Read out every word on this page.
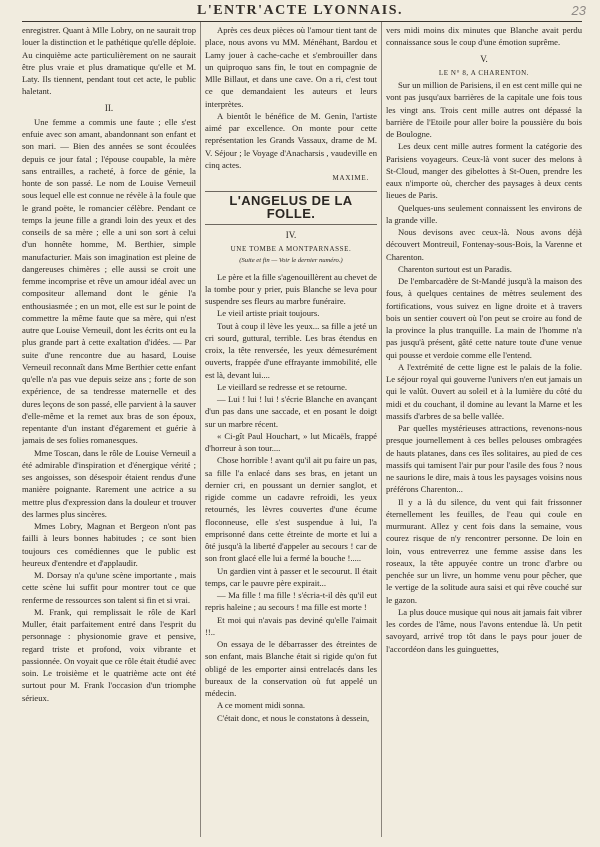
L'ENTR'ACTE LYONNAIS.	23

enregistrer. Quant à Mlle Lobry, on ne saurait trop louer la distinction et le pathétique qu'elle déploie. Au cinquième acte particulièrement on ne saurait être plus vraie et plus dramatique qu'elle et M. Laty. Ils tiennent, pendant tout cet acte, le public haletant.

II.

Une femme a commis une faute ; elle s'est enfuie avec son amant, abandonnant son enfant et son mari. — Bien des années se sont écoulées depuis ce jour fatal ; l'épouse coupable, la mère sans entrailles, a racheté, à force de génie, la honte de son passé. Le nom de Louise Verneuil sous lequel elle est connue ne révèle à la foule que le grand poëte, le romancier célèbre. Pendant ce temps la jeune fille a grandi loin des yeux et des conseils de sa mère ; elle a uni son sort à celui d'un honnête homme, M. Berthier, simple manufacturier. Mais son imagination est pleine de dangereuses chimères ; elle aussi se croit une femme incomprise et rêve un amour idéal avec un compositeur allemand dont le génie l'a enthousiasmée ; en un mot, elle est sur le point de commettre la même faute que sa mère, qui n'est autre que Louise Verneuil, dont les écrits ont eu la plus grande part à cette exaltation d'idées. — Par suite d'une rencontre due au hasard, Louise Verneuil reconnaît dans Mme Berthier cette enfant qu'elle n'a pas vue depuis seize ans ; forte de son expérience, de sa tendresse maternelle et des dures leçons de son passé, elle parvient à la sauver d'elle-même et la remet aux bras de son époux, repentante d'un instant d'égarement et guérie à jamais de ses folies romanesques.

Mme Toscan, dans le rôle de Louise Verneuil a été admirable d'inspiration et d'énergique vérité ; ses angoisses, son désespoir étaient rendus d'une manière poignante. Rarement une actrice a su mettre plus d'expression dans la douleur et trouver des larmes plus sincères.

Mmes Lobry, Magnan et Bergeon n'ont pas failli à leurs bonnes habitudes ; ce sont bien toujours ces comédiennes que le public est heureux d'entendre et d'applaudir.

M. Dorsay n'a qu'une scène importante , mais cette scène lui suffit pour montrer tout ce que renferme de ressources son talent si fin et si vrai.

M. Frank, qui remplissait le rôle de Karl Muller, était parfaitement entré dans l'esprit du personnage : physionomie grave et pensive, regard triste et profond, voix vibrante et passionnée. On voyait que ce rôle était étudié avec soin. Le troisième et le quatrième acte ont été surtout pour M. Frank l'occasion d'un triomphe sérieux.

Après ces deux pièces où l'amour tient tant de place, nous avons vu MM. Ménéhant, Bardou et Lamy jouer à cache-cache et s'embrouiller dans un quiproquo sans fin, le tout en compagnie de Mlle Billaut, et dans une cave. On a ri, c'est tout ce que demandaient les auteurs et leurs interprètes.

A bientôt le bénéfice de M. Genin, l'artiste aimé par excellence. On monte pour cette représentation les Grands Vassaux, drame de M. V. Séjour ; le Voyage d'Anacharsis , vaudeville en cinq actes.

MAXIME.

L'ANGELUS DE LA FOLLE.

IV.

UNE TOMBE A MONTPARNASSE.

(Suite et fin — Voir le dernier numéro.)

Le père et la fille s'agenouillèrent au chevet de la tombe pour y prier, puis Blanche se leva pour suspendre ses fleurs au marbre funéraire.

Le vieil artiste priait toujours.

Tout à coup il lève les yeux... sa fille a jeté un cri sourd, guttural, terrible. Les bras étendus en croix, la tête renversée, les yeux démesurément ouverts, frappée d'une effrayante immobilité, elle est là, devant lui....

Le vieillard se redresse et se retourne.

— Lui ! lui ! lui ! s'écrie Blanche en avançant d'un pas dans une saccade, et en posant le doigt sur un marbre récent.

« Ci-gît Paul Houchart, » lut Micaëls, frappé d'horreur à son tour....

Chose horrible ! avant qu'il ait pu faire un pas, sa fille l'a enlacé dans ses bras, en jetant un dernier cri, en poussant un dernier sanglot, et rigide comme un cadavre refroidi, les yeux retournés, les lèvres couvertes d'une écume floconneuse, elle s'est suspendue à lui, l'a emprisonné dans cette étreinte de morte et lui a ôté jusqu'à la liberté d'appeler au secours ! car de son front glacé elle lui a fermé la bouche !.....

Un gardien vint à passer et le secourut. Il était temps, car le pauvre père expirait...

— Ma fille ! ma fille ! s'écria-t-il dès qu'il eut repris haleine ; au secours ! ma fille est morte !

Et moi qui n'avais pas deviné qu'elle l'aimait !!..

On essaya de le débarrasser des étreintes de son enfant, mais Blanche était si rigide qu'on fut obligé de les emporter ainsi entrelacés dans les bureaux de la conservation où fut appelé un médecin.

A ce moment midi sonna.

C'était donc, et nous le constatons à dessein,

vers midi moins dix minutes que Blanche avait perdu connaissance sous le coup d'une émotion suprême.

V.

LE N° 8, A CHARENTON.

Sur un million de Parisiens, il en est cent mille qui ne vont pas jusqu'aux barrières de la capitale une fois tous les vingt ans. Trois cent mille autres ont dépassé la barrière de l'Etoile pour aller boire la poussière du bois de Boulogne.

Les deux cent mille autres forment la catégorie des Parisiens voyageurs. Ceux-là vont sucer des melons à St-Cloud, manger des gibelottes à St-Ouen, prendre les eaux n'importe où, chercher des paysages à deux cents lieues de Paris.

Quelques-uns seulement connaissent les environs de la grande ville.

Nous devisons avec ceux-là. Nous avons déjà découvert Montreuil, Fontenay-sous-Bois, la Varenne et Charenton.

Charenton surtout est un Paradis.

De l'embarcadère de St-Mandé jusqu'à la maison des fous, à quelques centaines de mètres seulement des fortifications, vous suivez en ligne droite et à travers bois un sentier couvert où l'on peut se croire au fond de la province la plus tranquille. La main de l'homme n'a pas jusqu'à présent, gâté cette nature toute d'une venue qui pousse et verdoie comme elle l'entend.

A l'extrémité de cette ligne est le palais de la folie. Le séjour royal qui gouverne l'univers n'en eut jamais un qui le valût. Ouvert au soleil et à la lumière du côté du midi et du couchant, il domine au levant la Marne et les massifs d'arbres de sa belle vallée.

Par quelles mystérieuses attractions, revenons-nous presque journellement à ces belles pelouses ombragées de hauts platanes, dans ces îles solitaires, au pied de ces massifs qui tamisent l'air pur pour l'asile des fous ? nous ne saurions le dire, mais à tous les paysages voisins nous préférons Charenton...

Il y a là du silence, du vent qui fait frissonner éternellement les feuilles, de l'eau qui coule en murmurant. Allez y cent fois dans la semaine, vous courez risque de n'y rencontrer personne. De loin en loin, vous entreverrez une femme assise dans les roseaux, la tête appuyée contre un tronc d'arbre ou penchée sur un livre, un homme venu pour pêcher, que le vertige de la solitude aura saisi et qui rêve couché sur le gazon.

La plus douce musique qui nous ait jamais fait vibrer les cordes de l'âme, nous l'avons entendue là. Un petit savoyard, arrivé trop tôt dans le pays pour jouer de l'accordéon dans les guinguettes,
